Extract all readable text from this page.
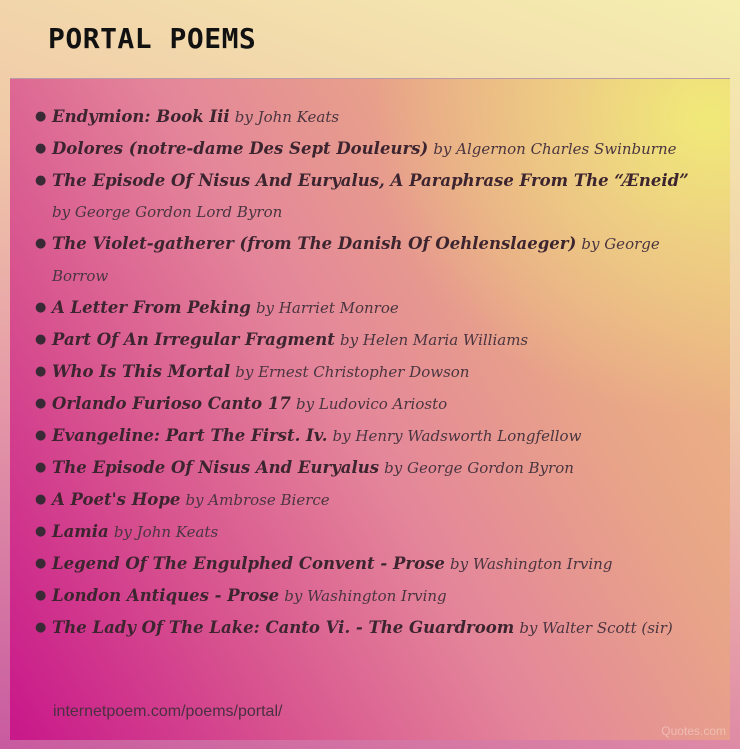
PORTAL POEMS
● Endymion: Book Iii by John Keats
● Dolores (notre-dame Des Sept Douleurs) by Algernon Charles Swinburne
● The Episode Of Nisus And Euryalus, A Paraphrase From The “Æneid” by George Gordon Lord Byron
● The Violet-gatherer (from The Danish Of Oehlenslaeger) by George Borrow
● A Letter From Peking by Harriet Monroe
● Part Of An Irregular Fragment by Helen Maria Williams
● Who Is This Mortal by Ernest Christopher Dowson
● Orlando Furioso Canto 17 by Ludovico Ariosto
● Evangeline: Part The First. Iv. by Henry Wadsworth Longfellow
● The Episode Of Nisus And Euryalus by George Gordon Byron
● A Poet's Hope by Ambrose Bierce
● Lamia by John Keats
● Legend Of The Engulphed Convent - Prose by Washington Irving
● London Antiques - Prose by Washington Irving
● The Lady Of The Lake: Canto Vi. - The Guardroom by Walter Scott (sir)
internetpoem.com/poems/portal/
Quotes.com
